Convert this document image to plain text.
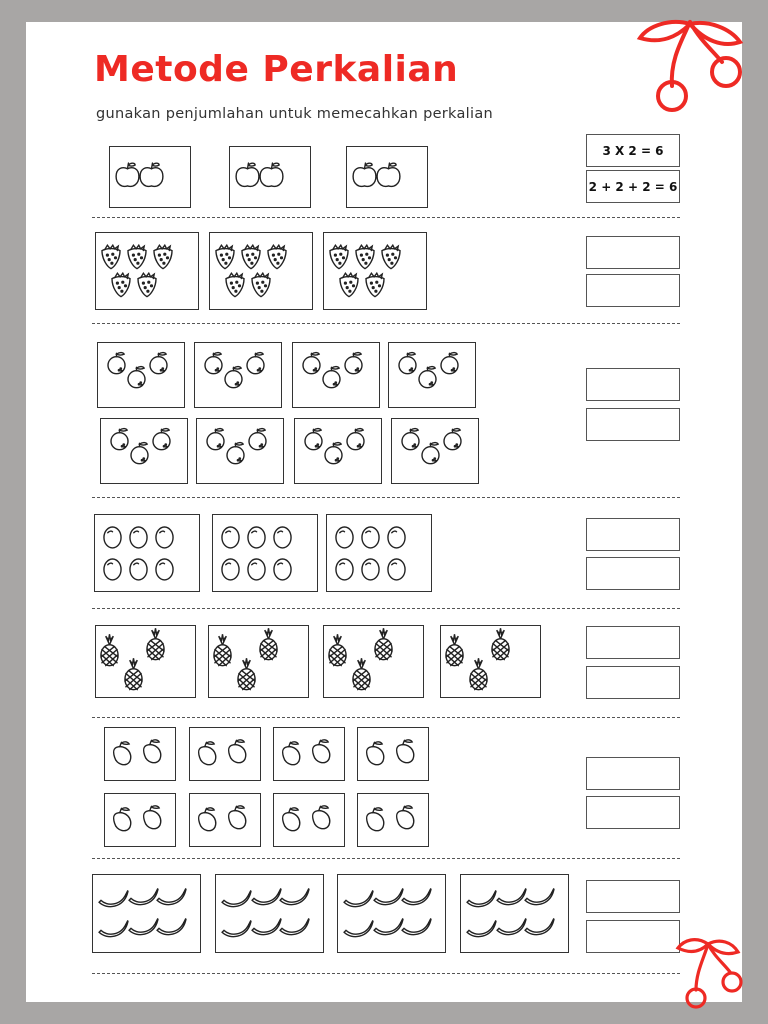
Metode Perkalian
gunakan penjumlahan untuk memecahkan perkalian
3 X 2 = 6
2 + 2 + 2 = 6
